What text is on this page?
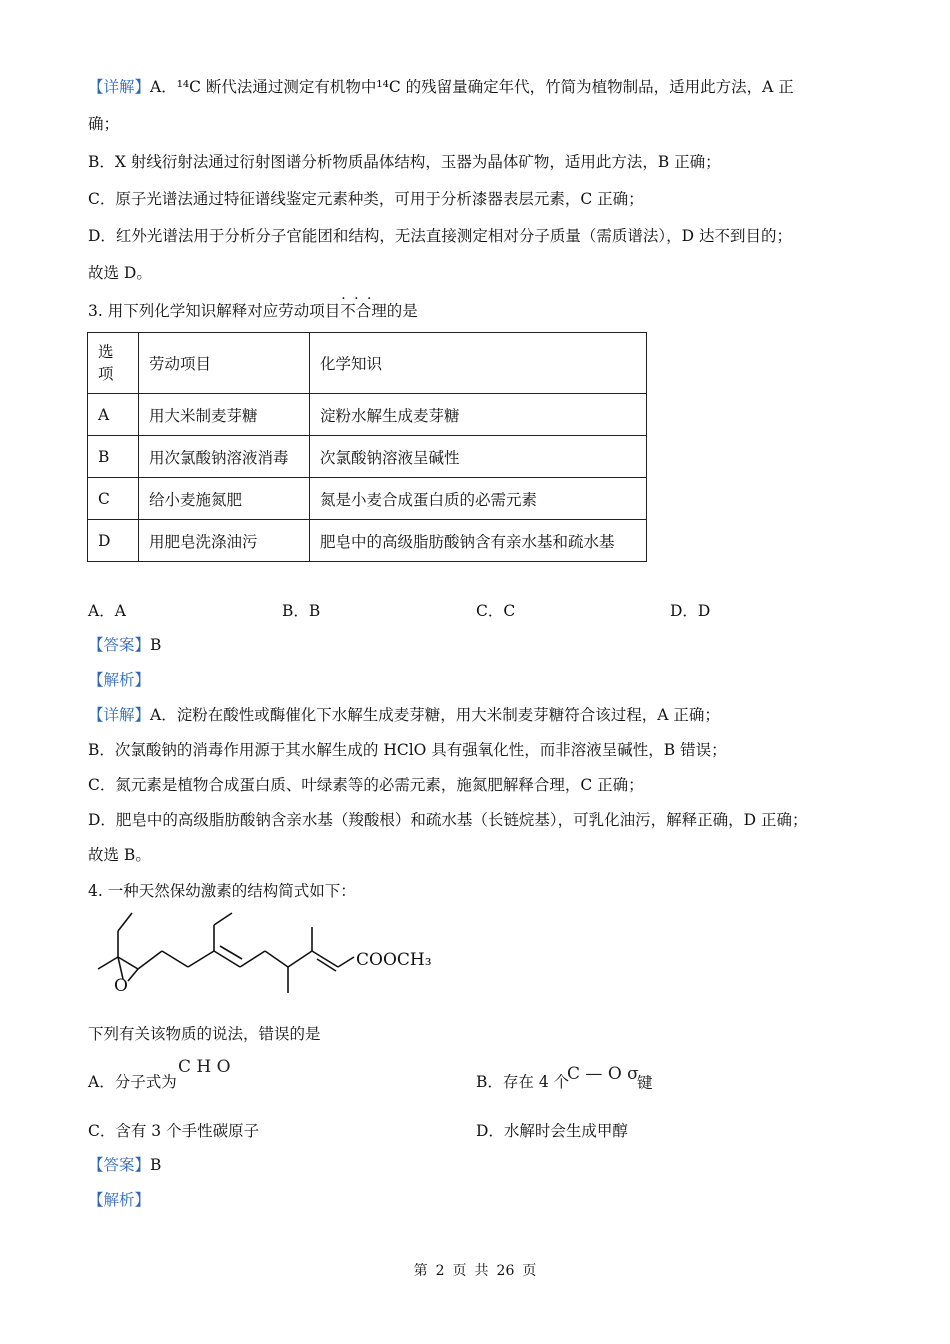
【详解】A．¹⁴C 断代法通过测定有机物中¹⁴C 的残留量确定年代，竹简为植物制品，适用此方法，A 正
确；
B．X 射线衍射法通过衍射图谱分析物质晶体结构，玉器为晶体矿物，适用此方法，B 正确；
C．原子光谱法通过特征谱线鉴定元素种类，可用于分析漆器表层元素，C 正确；
D．红外光谱法用于分析分子官能团和结构，无法直接测定相对分子质量（需质谱法），D 达不到目的；
故选 D。
3. 用下列化学知识解释对应劳动项目· · · 不合理的是
选项	劳动项目	化学知识
A	用大米制麦芽糖	淀粉水解生成麦芽糖
B	用次氯酸钠溶液消毒	次氯酸钠溶液呈碱性
C	给小麦施氮肥	氮是小麦合成蛋白质的必需元素
D	用肥皂洗涤油污	肥皂中的高级脂肪酸钠含有亲水基和疏水基
A．A	B．B	C．C	D．D
【答案】B
【解析】
【详解】A．淀粉在酸性或酶催化下水解生成麦芽糖，用大米制麦芽糖符合该过程，A 正确；
B．次氯酸钠的消毒作用源于其水解生成的 HClO 具有强氧化性，而非溶液呈碱性，B 错误；
C．氮元素是植物合成蛋白质、叶绿素等的必需元素，施氮肥解释合理，C 正确；
D．肥皂中的高级脂肪酸钠含亲水基（羧酸根）和疏水基（长链烷基），可乳化油污，解释正确，D 正确；
故选 B。
4. 一种天然保幼激素的结构简式如下：
COOCH₃
O
下列有关该物质的说法，错误的是
A．分子式为
C H O
B．存在 4 个
C — O σ
键
C．含有 3 个手性碳原子	D．水解时会生成甲醇
【答案】B
【解析】
第 2 页 共 26 页
